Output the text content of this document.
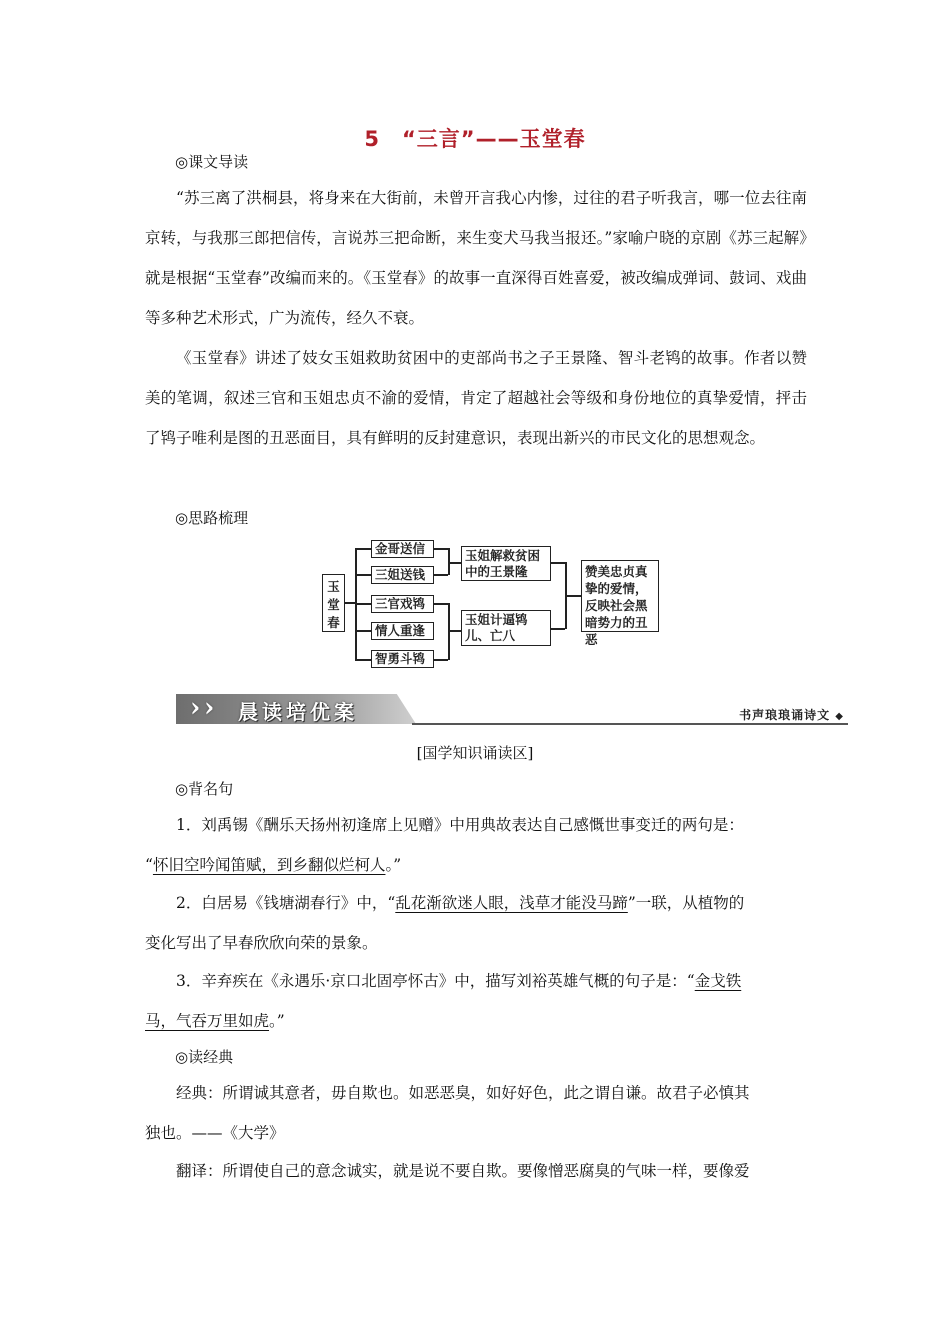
5　“三言”——玉堂春
◎课文导读
“苏三离了洪桐县，将身来在大街前，未曾开言我心内惨，过往的君子听我言，哪一位去往南京转，与我那三郎把信传，言说苏三把命断，来生变犬马我当报还。”家喻户晓的京剧《苏三起解》就是根据“玉堂春”改编而来的。《玉堂春》的故事一直深得百姓喜爱，被改编成弹词、鼓词、戏曲等多种艺术形式，广为流传，经久不衰。
《玉堂春》讲述了妓女玉姐救助贫困中的吏部尚书之子王景隆、智斗老鸨的故事。作者以赞美的笔调，叙述三官和玉姐忠贞不渝的爱情，肯定了超越社会等级和身份地位的真挚爱情，抨击了鸨子唯利是图的丑恶面目，具有鲜明的反封建意识，表现出新兴的市民文化的思想观念。
◎思路梳理
玉堂春
金哥送信
三姐送钱
三官戏鸨
情人重逢
智勇斗鸨
玉姐解救贫困中的王景隆
玉姐计逼鸨儿、亡八
赞美忠贞真挚的爱情，反映社会黑暗势力的丑恶
› › 晨读培优案	书声琅琅诵诗文 ◆
[国学知识诵读区]
◎背名句
1．刘禹锡《酬乐天扬州初逢席上见赠》中用典故表达自己感慨世事变迁的两句是：
“怀旧空吟闻笛赋，到乡翻似烂柯人。”
2．白居易《钱塘湖春行》中，“乱花渐欲迷人眼，浅草才能没马蹄”一联，从植物的
变化写出了早春欣欣向荣的景象。
3．辛弃疾在《永遇乐·京口北固亭怀古》中，描写刘裕英雄气概的句子是：“金戈铁
马，气吞万里如虎。”
◎读经典
经典：所谓诚其意者，毋自欺也。如恶恶臭，如好好色，此之谓自谦。故君子必慎其
独也。——《大学》
翻译：所谓使自己的意念诚实，就是说不要自欺。要像憎恶腐臭的气味一样，要像爱
